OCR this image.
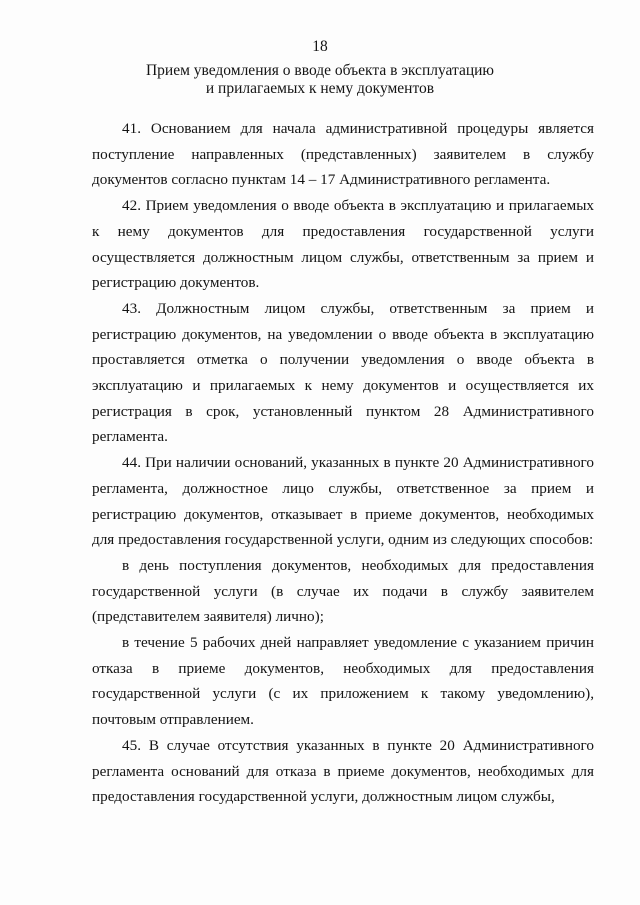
18
Прием уведомления о вводе объекта в эксплуатацию
и прилагаемых к нему документов

41. Основанием для начала административной процедуры является поступление направленных (представленных) заявителем в службу документов согласно пунктам 14 – 17 Административного регламента.

42. Прием уведомления о вводе объекта в эксплуатацию и прилагаемых к нему документов для предоставления государственной услуги осуществляется должностным лицом службы, ответственным за прием и регистрацию документов.

43. Должностным лицом службы, ответственным за прием и регистрацию документов, на уведомлении о вводе объекта в эксплуатацию проставляется отметка о получении уведомления о вводе объекта в эксплуатацию и прилагаемых к нему документов и осуществляется их регистрация в срок, установленный пунктом 28 Административного регламента.

44. При наличии оснований, указанных в пункте 20 Административного регламента, должностное лицо службы, ответственное за прием и регистрацию документов, отказывает в приеме документов, необходимых для предоставления государственной услуги, одним из следующих способов:

в день поступления документов, необходимых для предоставления государственной услуги (в случае их подачи в службу заявителем (представителем заявителя) лично);

в течение 5 рабочих дней направляет уведомление с указанием причин отказа в приеме документов, необходимых для предоставления государственной услуги (с их приложением к такому уведомлению), почтовым отправлением.

45. В случае отсутствия указанных в пункте 20 Административного регламента оснований для отказа в приеме документов, необходимых для предоставления государственной услуги, должностным лицом службы,
